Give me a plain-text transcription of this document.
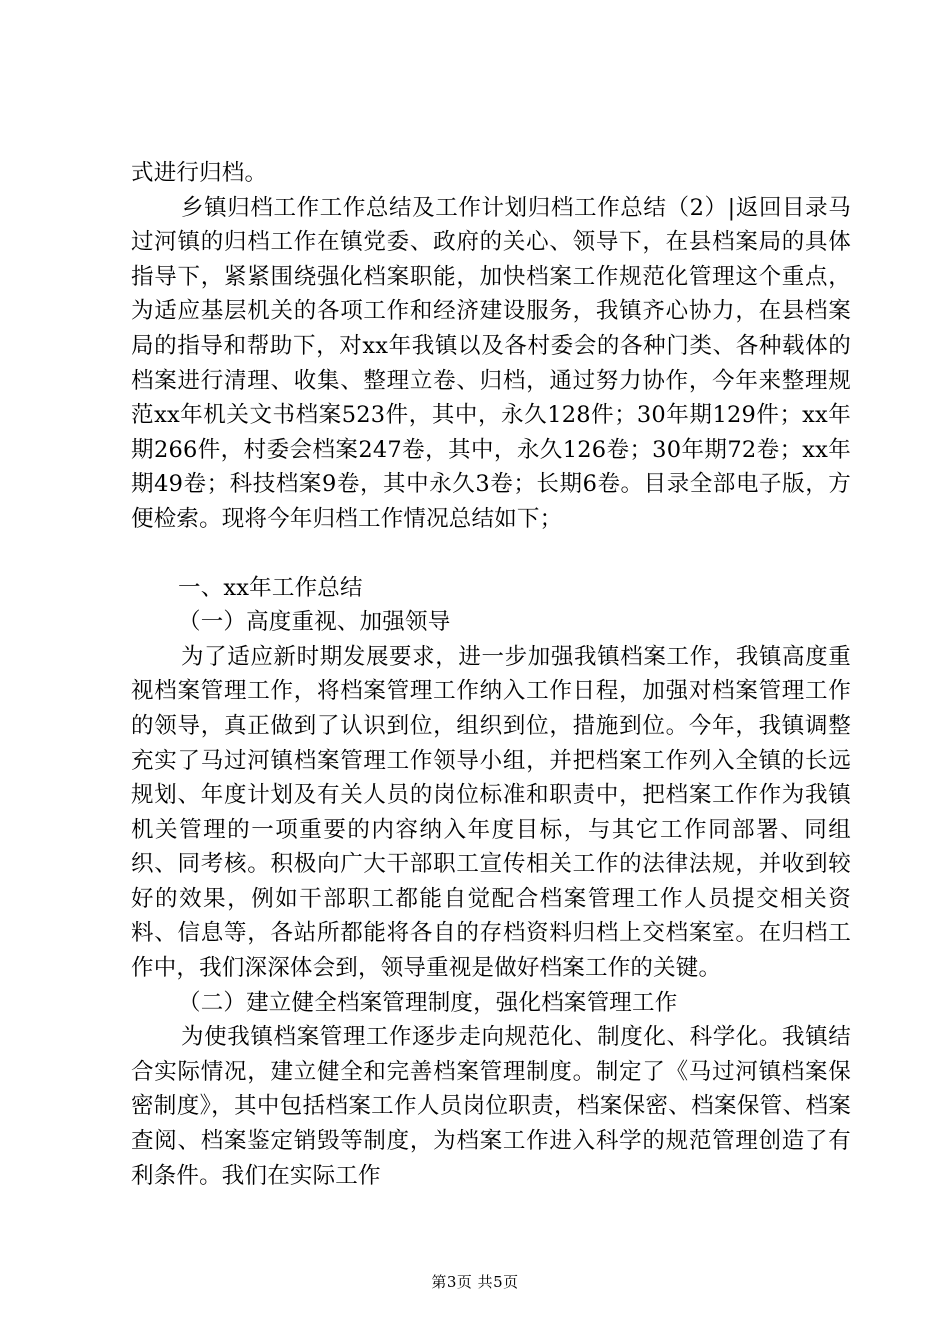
式进行归档。

乡镇归档工作工作总结及工作计划归档工作总结（2）|返回目录马过河镇的归档工作在镇党委、政府的关心、领导下，在县档案局的具体指导下，紧紧围绕强化档案职能，加快档案工作规范化管理这个重点，为适应基层机关的各项工作和经济建设服务，我镇齐心协力，在县档案局的指导和帮助下，对xx年我镇以及各村委会的各种门类、各种载体的档案进行清理、收集、整理立卷、归档，通过努力协作，今年来整理规范xx年机关文书档案523件，其中，永久128件；30年期129件；xx年期266件，村委会档案247卷，其中，永久126卷；30年期72卷；xx年期49卷；科技档案9卷，其中永久3卷；长期6卷。目录全部电子版，方便检索。现将今年归档工作情况总结如下；

一、xx年工作总结

（一）高度重视、加强领导

为了适应新时期发展要求，进一步加强我镇档案工作，我镇高度重视档案管理工作，将档案管理工作纳入工作日程，加强对档案管理工作的领导，真正做到了认识到位，组织到位，措施到位。今年，我镇调整充实了马过河镇档案管理工作领导小组，并把档案工作列入全镇的长远规划、年度计划及有关人员的岗位标准和职责中，把档案工作作为我镇机关管理的一项重要的内容纳入年度目标，与其它工作同部署、同组织、同考核。积极向广大干部职工宣传相关工作的法律法规，并收到较好的效果，例如干部职工都能自觉配合档案管理工作人员提交相关资料、信息等，各站所都能将各自的存档资料归档上交档案室。在归档工作中，我们深深体会到，领导重视是做好档案工作的关键。

（二）建立健全档案管理制度，强化档案管理工作

为使我镇档案管理工作逐步走向规范化、制度化、科学化。我镇结合实际情况，建立健全和完善档案管理制度。制定了《马过河镇档案保密制度》，其中包括档案工作人员岗位职责，档案保密、档案保管、档案查阅、档案鉴定销毁等制度，为档案工作进入科学的规范管理创造了有利条件。我们在实际工作

第3页 共5页
